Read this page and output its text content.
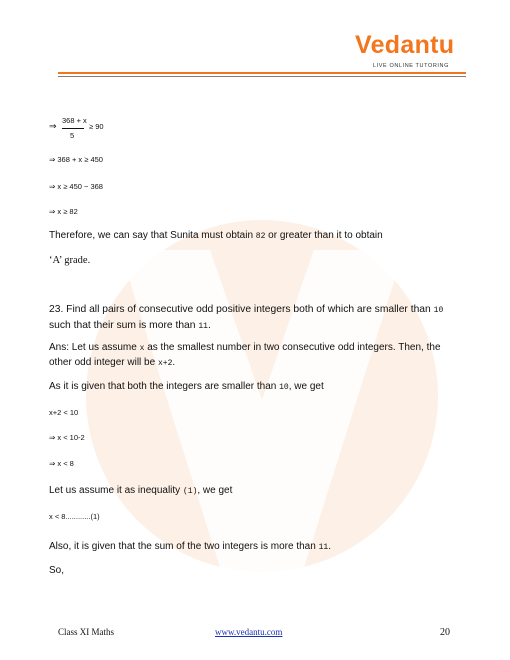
Vedantu
LIVE ONLINE TUTORING
⇒
368 + x
5
≥ 90
⇒ 368 + x ≥ 450
⇒ x ≥ 450 − 368
⇒ x ≥ 82
Therefore, we can say that Sunita must obtain 82 or greater than it to obtain
‘A’ grade.
23. Find all pairs of consecutive odd positive integers both of which are smaller than 10 such that their sum is more than 11.
Ans: Let us assume x as the smallest number in two consecutive odd integers. Then, the other odd integer will be x+2.
As it is given that both the integers are smaller than 10, we get
x+2 < 10
⇒ x < 10-2
⇒ x < 8
Let us assume it as inequality (1), we get
x < 8............(1)
Also, it is given that the sum of the two integers is more than 11.
So,
Class XI Maths	www.vedantu.com	20
